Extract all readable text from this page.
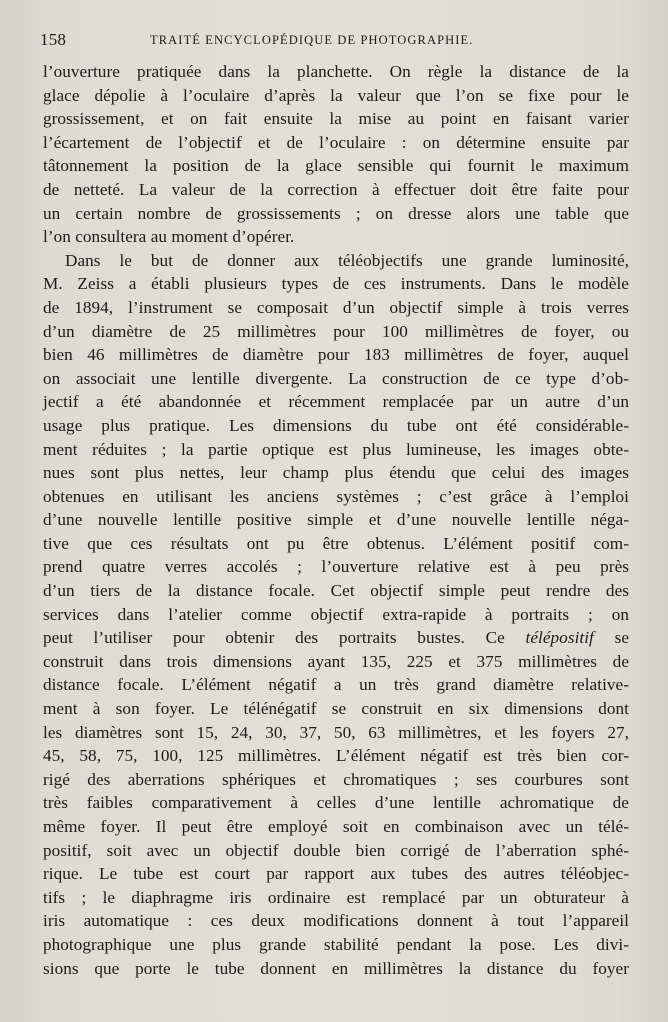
158	TRAITÉ ENCYCLOPÉDIQUE DE PHOTOGRAPHIE.
l’ouverture pratiquée dans la planchette. On règle la distance de la
glace dépolie à l’oculaire d’après la valeur que l’on se fixe pour le
grossissement, et on fait ensuite la mise au point en faisant varier
l’écartement de l’objectif et de l’oculaire : on détermine ensuite par
tâtonnement la position de la glace sensible qui fournit le maximum
de netteté. La valeur de la correction à effectuer doit être faite pour
un certain nombre de grossissements ; on dresse alors une table que
l’on consultera au moment d’opérer.
Dans le but de donner aux téléobjectifs une grande luminosité,
M. Zeiss a établi plusieurs types de ces instruments. Dans le modèle
de 1894, l’instrument se composait d’un objectif simple à trois verres
d’un diamètre de 25 millimètres pour 100 millimètres de foyer, ou
bien 46 millimètres de diamètre pour 183 millimètres de foyer, auquel
on associait une lentille divergente. La construction de ce type d’ob-
jectif a été abandonnée et récemment remplacée par un autre d’un
usage plus pratique. Les dimensions du tube ont été considérable-
ment réduites ; la partie optique est plus lumineuse, les images obte-
nues sont plus nettes, leur champ plus étendu que celui des images
obtenues en utilisant les anciens systèmes ; c’est grâce à l’emploi
d’une nouvelle lentille positive simple et d’une nouvelle lentille néga-
tive que ces résultats ont pu être obtenus. L’élément positif com-
prend quatre verres accolés ; l’ouverture relative est à peu près
d’un tiers de la distance focale. Cet objectif simple peut rendre des
services dans l’atelier comme objectif extra-rapide à portraits ; on
peut l’utiliser pour obtenir des portraits bustes. Ce télépositif se
construit dans trois dimensions ayant 135, 225 et 375 millimètres de
distance focale. L’élément négatif a un très grand diamètre relative-
ment à son foyer. Le télénégatif se construit en six dimensions dont
les diamètres sont 15, 24, 30, 37, 50, 63 millimètres, et les foyers 27,
45, 58, 75, 100, 125 millimètres. L’élément négatif est très bien cor-
rigé des aberrations sphériques et chromatiques ; ses courbures sont
très faibles comparativement à celles d’une lentille achromatique de
même foyer. Il peut être employé soit en combinaison avec un télé-
positif, soit avec un objectif double bien corrigé de l’aberration sphé-
rique. Le tube est court par rapport aux tubes des autres téléobjec-
tifs ; le diaphragme iris ordinaire est remplacé par un obturateur à
iris automatique : ces deux modifications donnent à tout l’appareil
photographique une plus grande stabilité pendant la pose. Les divi-
sions que porte le tube donnent en millimètres la distance du foyer
